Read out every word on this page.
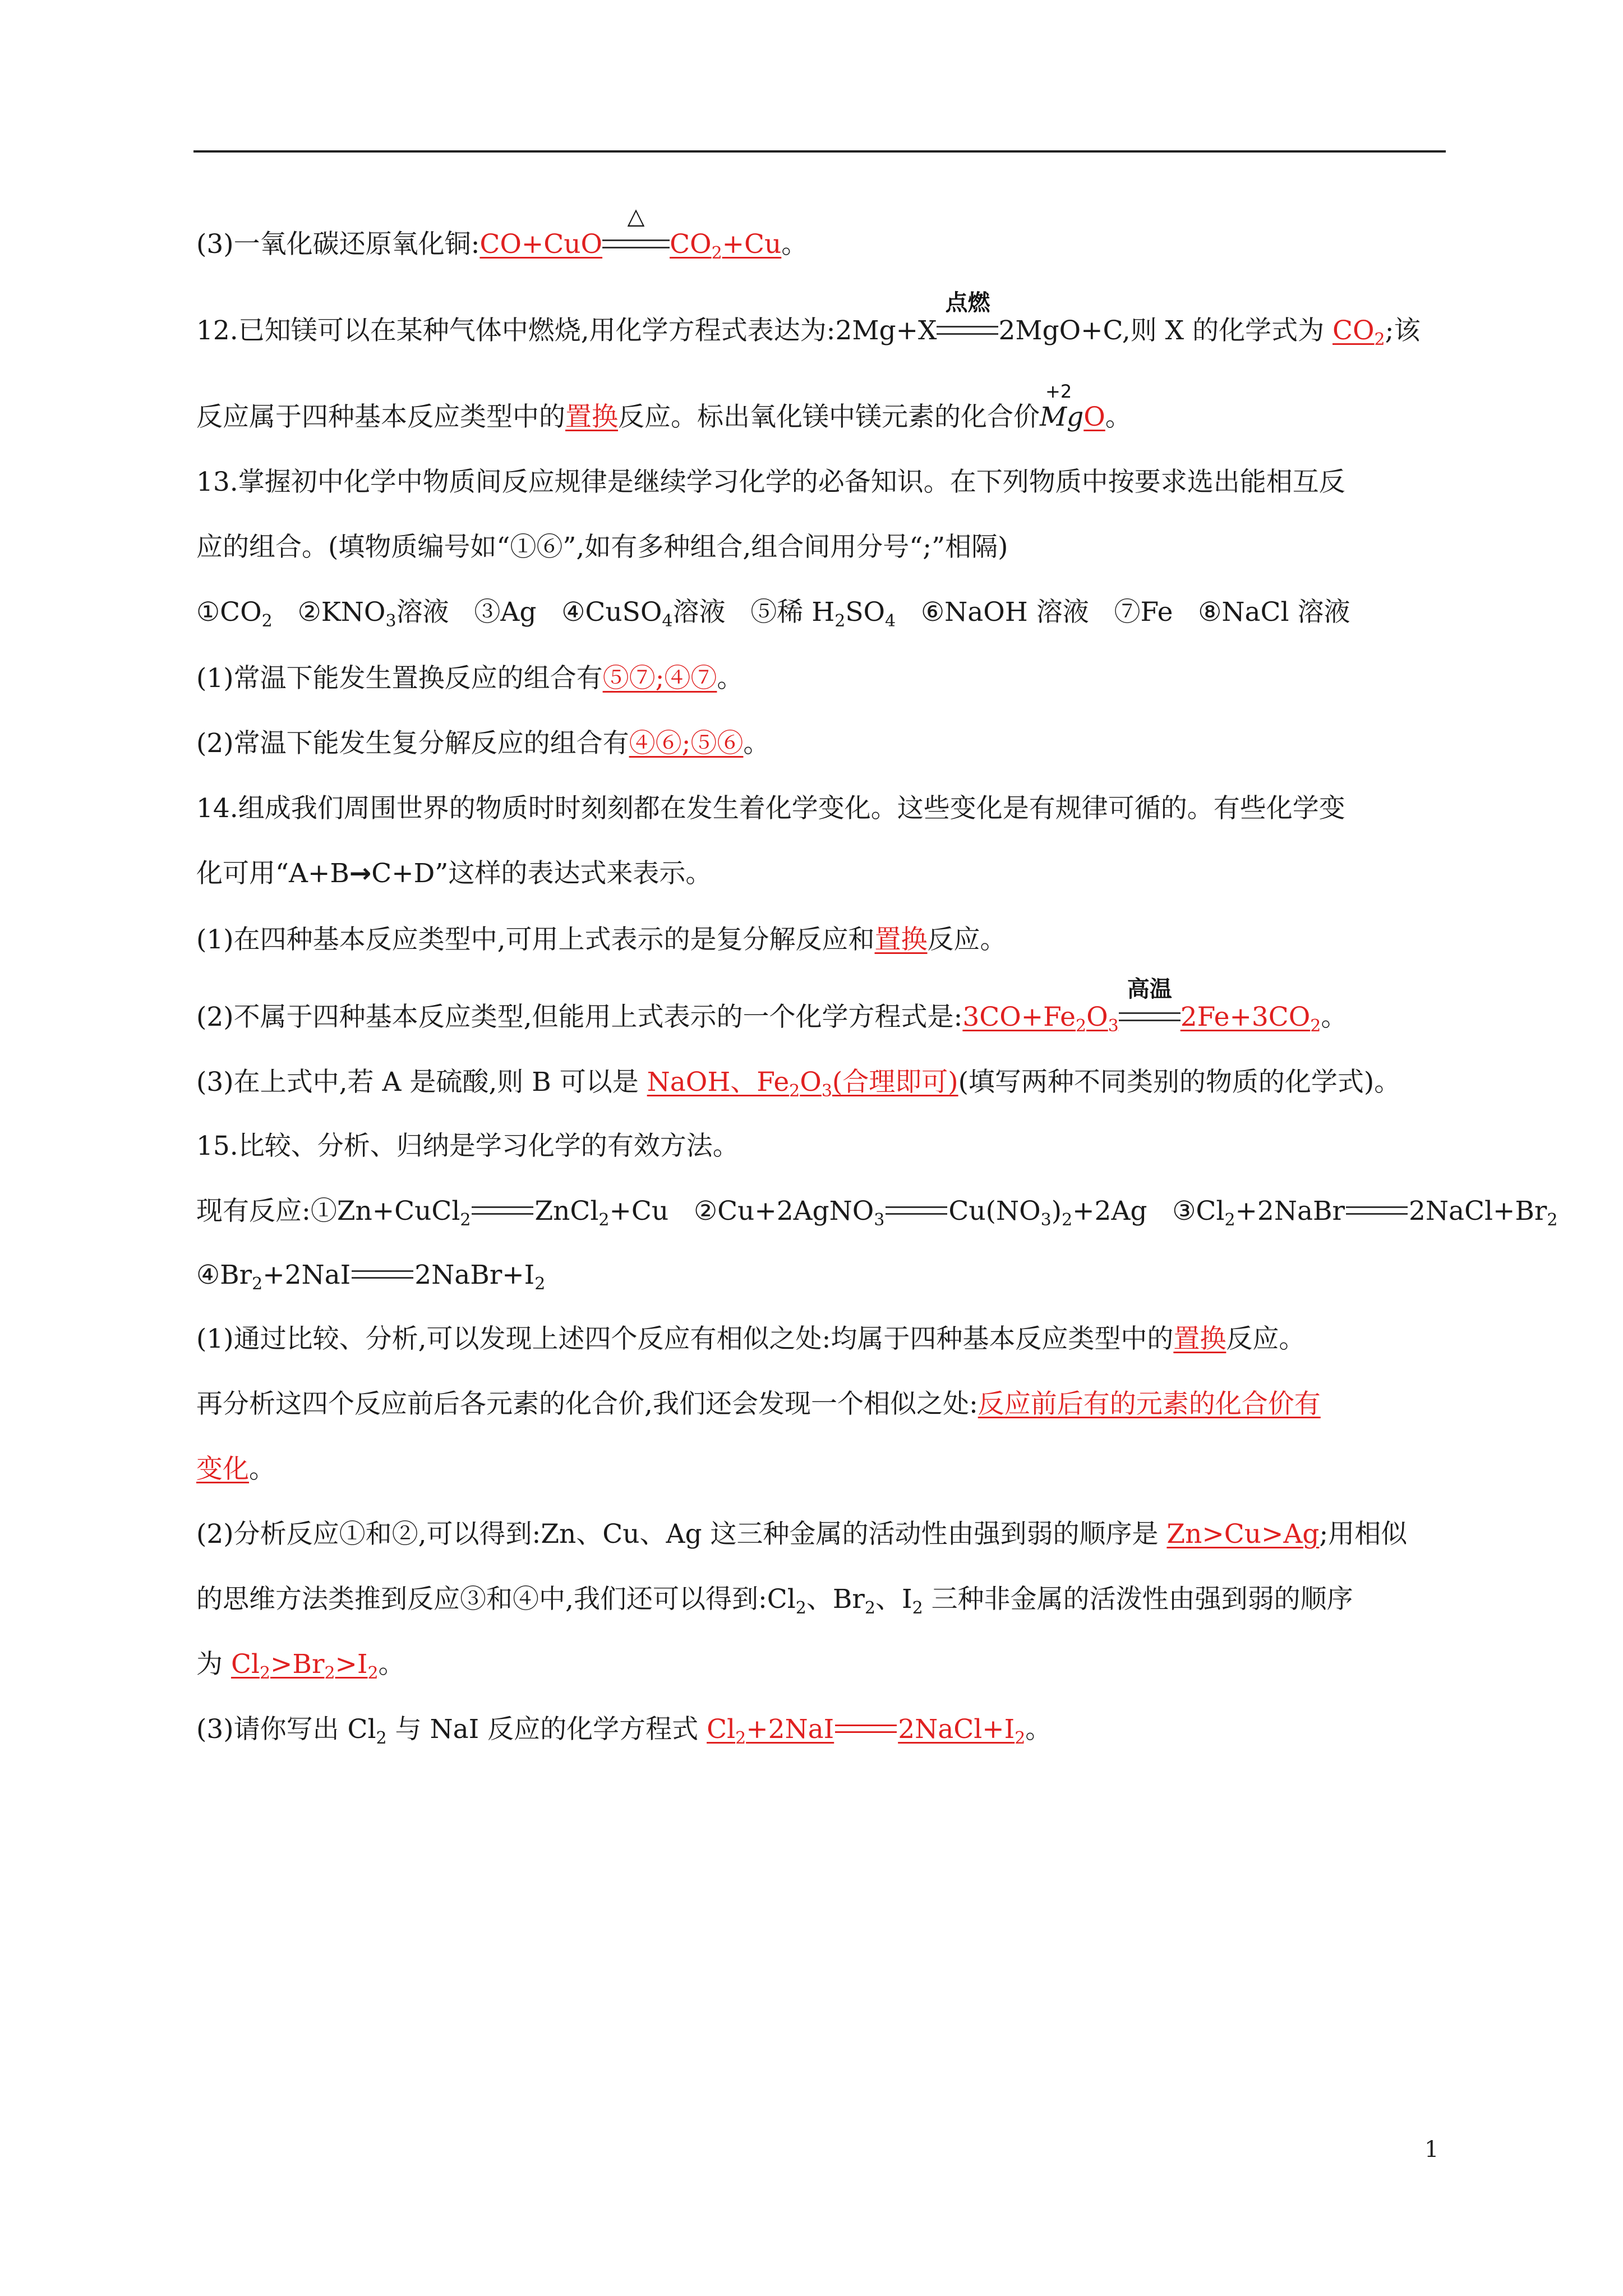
(3)一氧化碳还原氧化铜:CO+CuO
△
$CO_2+Cu$。
12.已知镁可以在某种气体中燃烧,用化学方程式表达为:2Mg+X
点燃
2MgO+C,则 X 的化学式为 $CO_2$;该
反应属于四种基本反应类型中的置换反应。标出氧化镁中镁元素的化合价
+2
MgO。
13.掌握初中化学中物质间反应规律是继续学习化学的必备知识。在下列物质中按要求选出能相互反
应的组合。(填物质编号如“①⑥”,如有多种组合,组合间用分号“;”相隔)
$①CO_2$ $②KNO_3$溶液 ③Ag ④CuSO$_4$溶液 ⑤稀 $H_2SO_4$ ⑥NaOH 溶液 ⑦Fe ⑧NaCl 溶液
(1)常温下能发生置换反应的组合有⑤⑦;④⑦。
(2)常温下能发生复分解反应的组合有④⑥;⑤⑥。
14.组成我们周围世界的物质时时刻刻都在发生着化学变化。这些变化是有规律可循的。有些化学变
化可用“A+B→C+D”这样的表达式来表示。
(1)在四种基本反应类型中,可用上式表示的是复分解反应和置换反应。
(2)不属于四种基本反应类型,但能用上式表示的一个化学方程式是$:3CO+Fe_2O_3$
高温
$2Fe+3CO_2$。
(3)在上式中,若 A 是硫酸,则 B 可以是 NaOH、$Fe_2O_3$(合理即可)(填写两种不同类别的物质的化学式)。
15.比较、分析、归纳是学习化学的有效方法。
现有反应:①Zn+CuCl$_2$ ZnCl$_2$+Cu ②Cu+2AgNO$_3$ $Cu(NO_3)_2+2Ag$ $③Cl_2+2NaBr$ $2NaCl+Br_2$
$④Br_2+2NaI$ $2NaBr+I_2$
(1)通过比较、分析,可以发现上述四个反应有相似之处:均属于四种基本反应类型中的置换反应。
再分析这四个反应前后各元素的化合价,我们还会发现一个相似之处:反应前后有的元素的化合价有
变化。
(2)分析反应①和②,可以得到:Zn、Cu、Ag 这三种金属的活动性由强到弱的顺序是 Zn>Cu>Ag;用相似
的思维方法类推到反应③和④中,我们还可以得到$:Cl_2$、$Br_2$、$I_2$ 三种非金属的活泼性由强到弱的顺序
为 $Cl_2>Br_2>I_2$。
(3)请你写出 $Cl_2$ 与 NaI 反应的化学方程式 $Cl_2+2NaI$ $2NaCl+I_2$。
1
